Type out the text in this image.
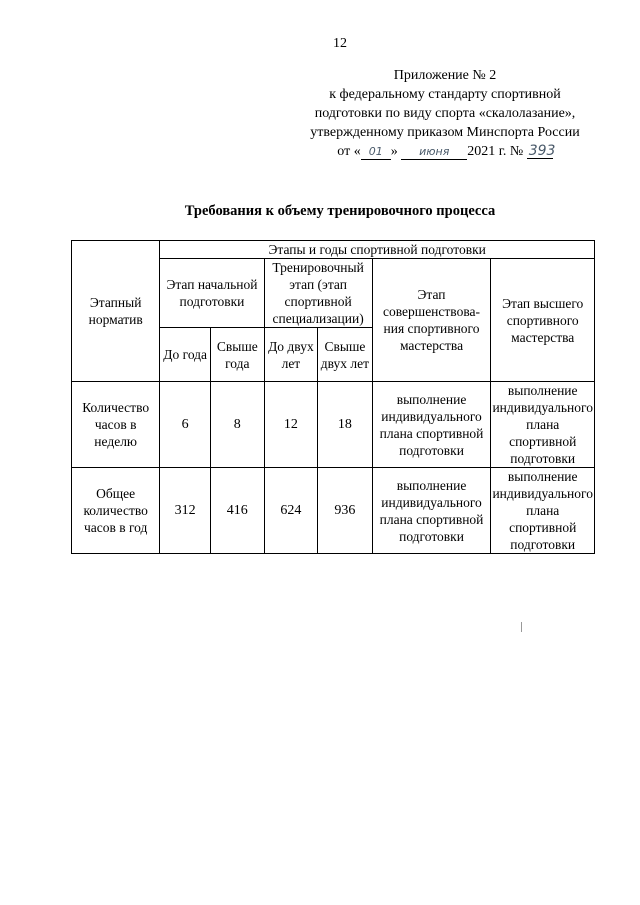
12
Приложение № 2
к федеральному стандарту спортивной
подготовки по виду спорта «скалолазание»,
утвержденному приказом Минспорта России
от « 01 » июня 2021 г. № 393
Требования к объему тренировочного процесса
Этапный норматив	Этапы и годы спортивной подготовки					
	Этап начальной подготовки		Тренировочный этап (этап спортивной специализации)		Этап совершенствова-ния спортивного мастерства	Этап высшего спортивного мастерства
	До года	Свыше года	До двух лет	Свыше двух лет		
Количество часов в неделю	6	8	12	18	выполнение индивидуального плана спортивной подготовки	выполнение индивидуального плана спортивной подготовки
Общее количество часов в год	312	416	624	936	выполнение индивидуального плана спортивной подготовки	выполнение индивидуального плана спортивной подготовки
